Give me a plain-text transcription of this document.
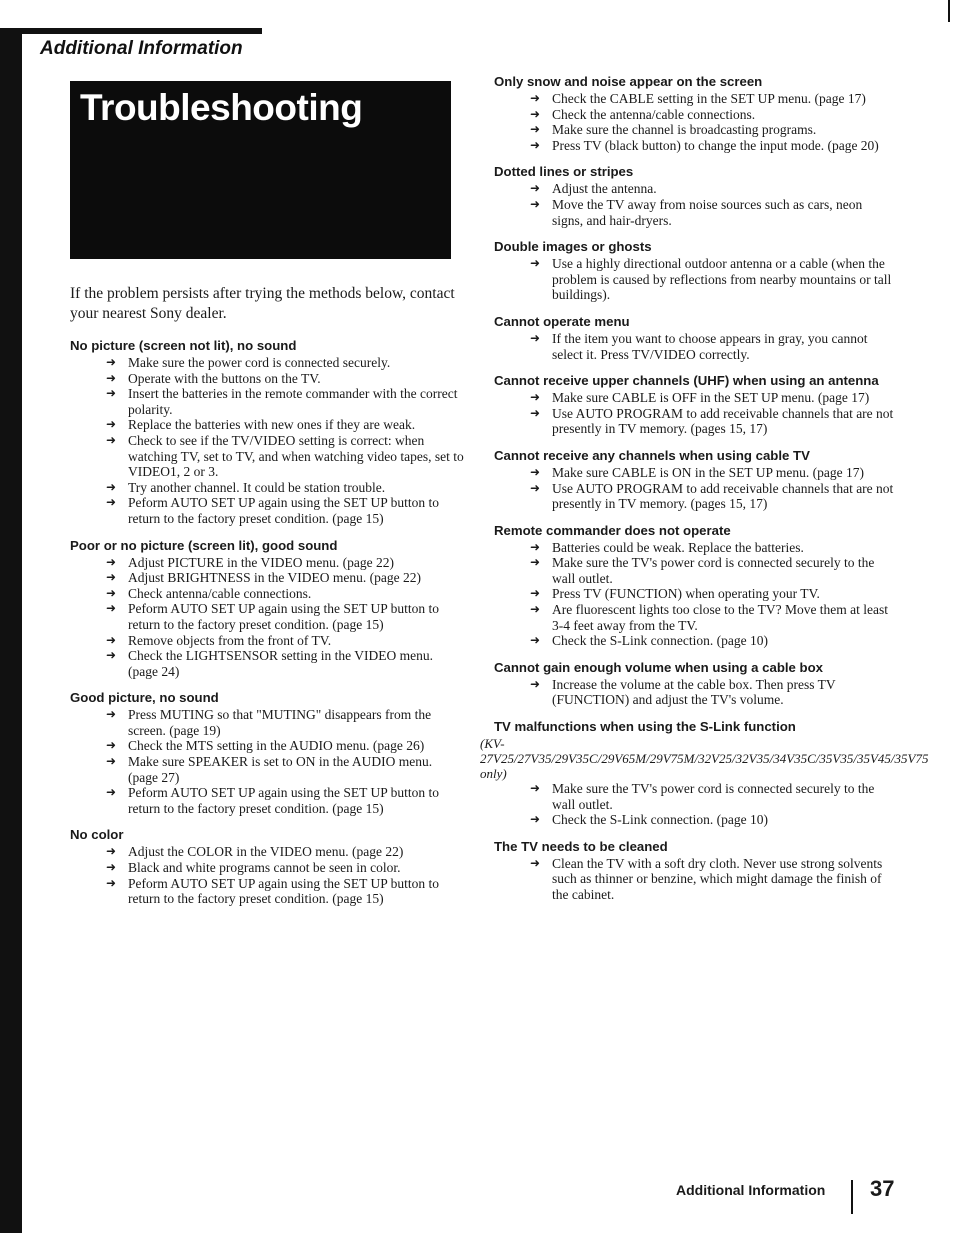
Additional Information
Troubleshooting

If the problem persists after trying the methods below, contact your nearest Sony dealer.

No picture (screen not lit), no sound
➜ Make sure the power cord is connected securely.
➜ Operate with the buttons on the TV.
➜ Insert the batteries in the remote commander with the correct polarity.
➜ Replace the batteries with new ones if they are weak.
➜ Check to see if the TV/VIDEO setting is correct: when watching TV, set to TV, and when watching video tapes, set to VIDEO1, 2 or 3.
➜ Try another channel. It could be station trouble.
➜ Peform AUTO SET UP again using the SET UP button to return to the factory preset condition. (page 15)
Poor or no picture (screen lit), good sound
➜ Adjust PICTURE in the VIDEO menu. (page 22)
➜ Adjust BRIGHTNESS in the VIDEO menu. (page 22)
➜ Check antenna/cable connections.
➜ Peform AUTO SET UP again using the SET UP button to return to the factory preset condition. (page 15)
➜ Remove objects from the front of TV.
➜ Check the LIGHTSENSOR setting in the VIDEO menu. (page 24)
Good picture, no sound
➜ Press MUTING so that "MUTING" disappears from the screen. (page 19)
➜ Check the MTS setting in the AUDIO menu. (page 26)
➜ Make sure SPEAKER is set to ON in the AUDIO menu. (page 27)
➜ Peform AUTO SET UP again using the SET UP button to return to the factory preset condition. (page 15)
No color
➜ Adjust the COLOR in the VIDEO menu. (page 22)
➜ Black and white programs cannot be seen in color.
➜ Peform AUTO SET UP again using the SET UP button to return to the factory preset condition. (page 15)
Only snow and noise appear on the screen
➜ Check the CABLE setting in the SET UP menu. (page 17)
➜ Check the antenna/cable connections.
➜ Make sure the channel is broadcasting programs.
➜ Press TV (black button) to change the input mode. (page 20)
Dotted lines or stripes
➜ Adjust the antenna.
➜ Move the TV away from noise sources such as cars, neon signs, and hair-dryers.
Double images or ghosts
➜ Use a highly directional outdoor antenna or a cable (when the problem is caused by reflections from nearby mountains or tall buildings).
Cannot operate menu
➜ If the item you want to choose appears in gray, you cannot select it. Press TV/VIDEO correctly.
Cannot receive upper channels (UHF) when using an antenna
➜ Make sure CABLE is OFF in the SET UP menu. (page 17)
➜ Use AUTO PROGRAM to add receivable channels that are not presently in TV memory. (pages 15, 17)
Cannot receive any channels when using cable TV
➜ Make sure CABLE is ON in the SET UP menu. (page 17)
➜ Use AUTO PROGRAM to add receivable channels that are not presently in TV memory. (pages 15, 17)
Remote commander does not operate
➜ Batteries could be weak. Replace the batteries.
➜ Make sure the TV's power cord is connected securely to the wall outlet.
➜ Press TV (FUNCTION) when operating your TV.
➜ Are fluorescent lights too close to the TV? Move them at least 3-4 feet away from the TV.
➜ Check the S-Link connection. (page 10)
Cannot gain enough volume when using a cable box
➜ Increase the volume at the cable box. Then press TV (FUNCTION) and adjust the TV's volume.
TV malfunctions when using the S-Link function
(KV-27V25/27V35/29V35C/29V65M/29V75M/32V25/32V35/34V35C/35V35/35V45/35V75 only)
➜ Make sure the TV's power cord is connected securely to the wall outlet.
➜ Check the S-Link connection. (page 10)
The TV needs to be cleaned
➜ Clean the TV with a soft dry cloth. Never use strong solvents such as thinner or benzine, which might damage the finish of the cabinet.
Additional Information 37
